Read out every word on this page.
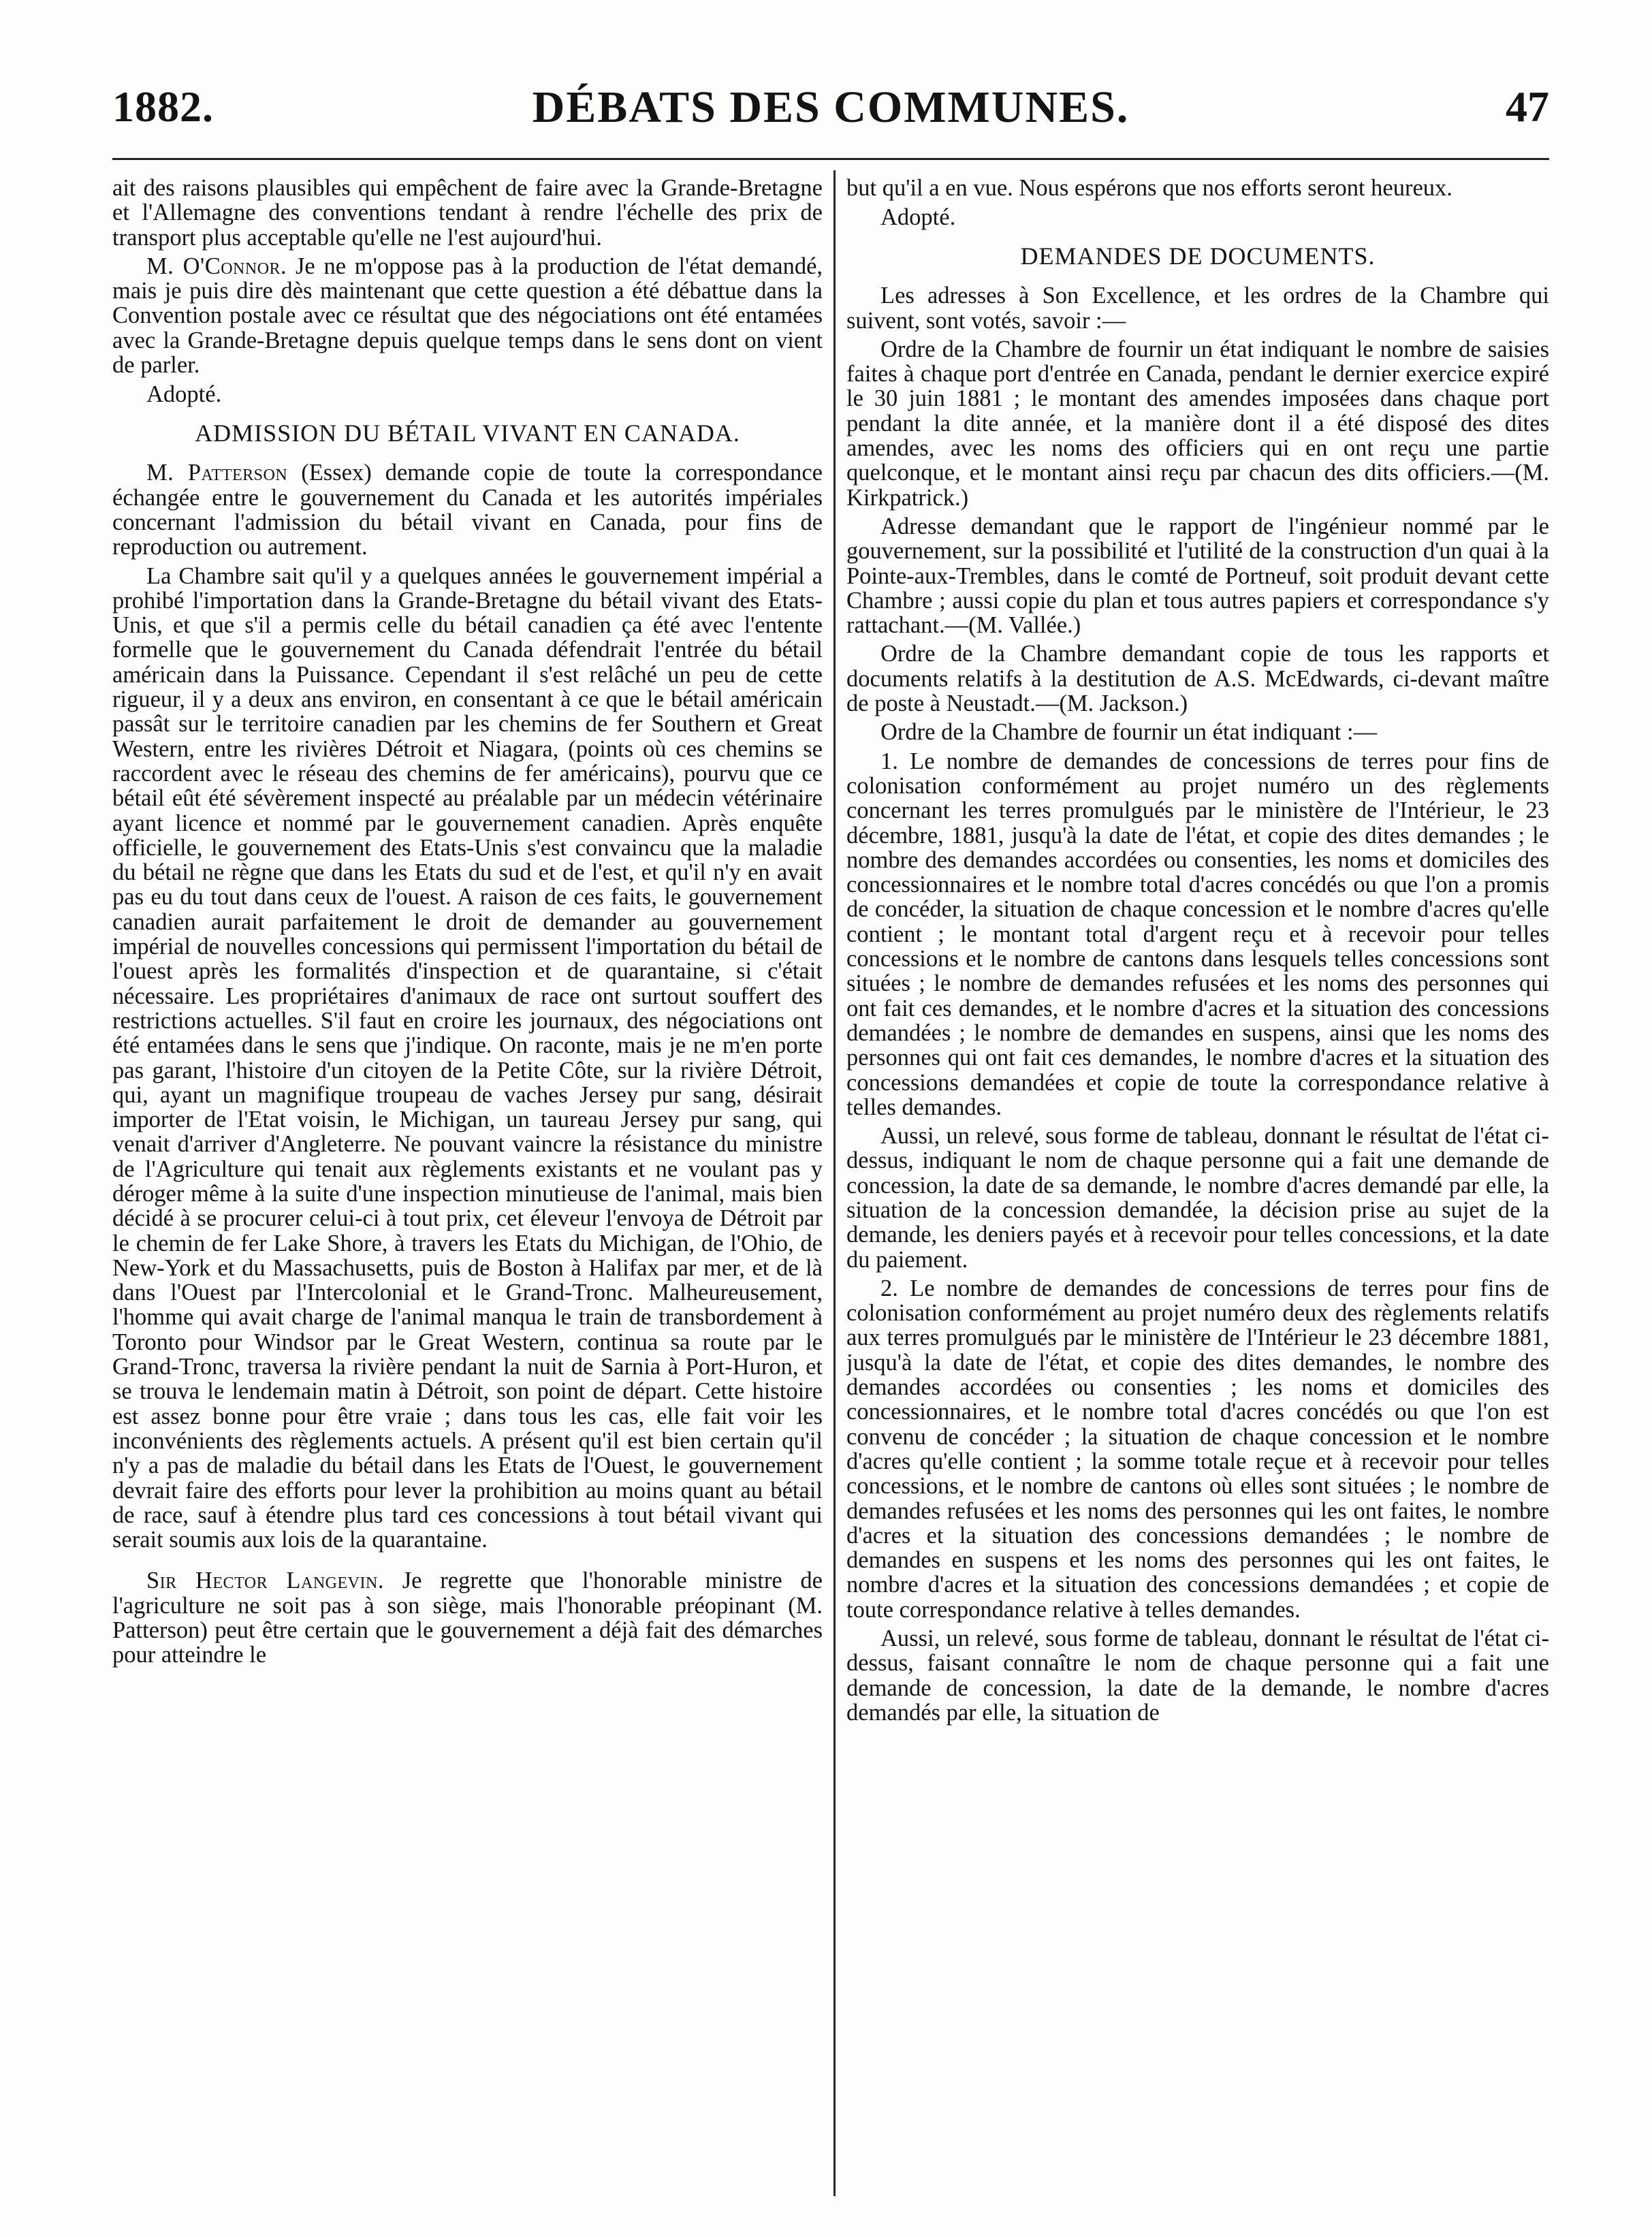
1882.	DÉBATS DES COMMUNES.	47

ait des raisons plausibles qui empêchent de faire avec la Grande-Bretagne et l'Allemagne des conventions tendant à rendre l'échelle des prix de transport plus acceptable qu'elle ne l'est aujourd'hui.

M. O'Connor. Je ne m'oppose pas à la production de l'état demandé, mais je puis dire dès maintenant que cette question a été débattue dans la Convention postale avec ce résultat que des négociations ont été entamées avec la Grande-Bretagne depuis quelque temps dans le sens dont on vient de parler.

Adopté.
ADMISSION DU BÉTAIL VIVANT EN CANADA.

M. Patterson (Essex) demande copie de toute la correspondance échangée entre le gouvernement du Canada et les autorités impériales concernant l'admission du bétail vivant en Canada, pour fins de reproduction ou autrement.

La Chambre sait qu'il y a quelques années le gouvernement impérial a prohibé l'importation dans la Grande-Bretagne du bétail vivant des Etats-Unis, et que s'il a permis celle du bétail canadien ça été avec l'entente formelle que le gouvernement du Canada défendrait l'entrée du bétail américain dans la Puissance. Cependant il s'est relâché un peu de cette rigueur, il y a deux ans environ, en consentant à ce que le bétail américain passât sur le territoire canadien par les chemins de fer Southern et Great Western, entre les rivières Détroit et Niagara, (points où ces chemins se raccordent avec le réseau des chemins de fer américains), pourvu que ce bétail eût été sévèrement inspecté au préalable par un médecin vétérinaire ayant licence et nommé par le gouvernement canadien. Après enquête officielle, le gouvernement des Etats-Unis s'est convaincu que la maladie du bétail ne règne que dans les Etats du sud et de l'est, et qu'il n'y en avait pas eu du tout dans ceux de l'ouest. A raison de ces faits, le gouvernement canadien aurait parfaitement le droit de demander au gouvernement impérial de nouvelles concessions qui permissent l'importation du bétail de l'ouest après les formalités d'inspection et de quarantaine, si c'était nécessaire. Les propriétaires d'animaux de race ont surtout souffert des restrictions actuelles. S'il faut en croire les journaux, des négociations ont été entamées dans le sens que j'indique. On raconte, mais je ne m'en porte pas garant, l'histoire d'un citoyen de la Petite Côte, sur la rivière Détroit, qui, ayant un magnifique troupeau de vaches Jersey pur sang, désirait importer de l'Etat voisin, le Michigan, un taureau Jersey pur sang, qui venait d'arriver d'Angleterre. Ne pouvant vaincre la résistance du ministre de l'Agriculture qui tenait aux règlements existants et ne voulant pas y déroger même à la suite d'une inspection minutieuse de l'animal, mais bien décidé à se procurer celui-ci à tout prix, cet éleveur l'envoya de Détroit par le chemin de fer Lake Shore, à travers les Etats du Michigan, de l'Ohio, de New-York et du Massachusetts, puis de Boston à Halifax par mer, et de là dans l'Ouest par l'Intercolonial et le Grand-Tronc. Malheureusement, l'homme qui avait charge de l'animal manqua le train de transbordement à Toronto pour Windsor par le Great Western, continua sa route par le Grand-Tronc, traversa la rivière pendant la nuit de Sarnia à Port-Huron, et se trouva le lendemain matin à Détroit, son point de départ. Cette histoire est assez bonne pour être vraie ; dans tous les cas, elle fait voir les inconvénients des règlements actuels. A présent qu'il est bien certain qu'il n'y a pas de maladie du bétail dans les Etats de l'Ouest, le gouvernement devrait faire des efforts pour lever la prohibition au moins quant au bétail de race, sauf à étendre plus tard ces concessions à tout bétail vivant qui serait soumis aux lois de la quarantaine.

Sir Hector Langevin. Je regrette que l'honorable ministre de l'agriculture ne soit pas à son siège, mais l'honorable préopinant (M. Patterson) peut être certain que le gouvernement a déjà fait des démarches pour atteindre le

but qu'il a en vue. Nous espérons que nos efforts seront heureux.

Adopté.
DEMANDES DE DOCUMENTS.

Les adresses à Son Excellence, et les ordres de la Chambre qui suivent, sont votés, savoir :—

Ordre de la Chambre de fournir un état indiquant le nombre de saisies faites à chaque port d'entrée en Canada, pendant le dernier exercice expiré le 30 juin 1881 ; le montant des amendes imposées dans chaque port pendant la dite année, et la manière dont il a été disposé des dites amendes, avec les noms des officiers qui en ont reçu une partie quelconque, et le montant ainsi reçu par chacun des dits officiers.—(M. Kirkpatrick.)

Adresse demandant que le rapport de l'ingénieur nommé par le gouvernement, sur la possibilité et l'utilité de la construction d'un quai à la Pointe-aux-Trembles, dans le comté de Portneuf, soit produit devant cette Chambre ; aussi copie du plan et tous autres papiers et correspondance s'y rattachant.—(M. Vallée.)

Ordre de la Chambre demandant copie de tous les rapports et documents relatifs à la destitution de A.S. McEdwards, ci-devant maître de poste à Neustadt.—(M. Jackson.)

Ordre de la Chambre de fournir un état indiquant :—

1. Le nombre de demandes de concessions de terres pour fins de colonisation conformément au projet numéro un des règlements concernant les terres promulgués par le ministère de l'Intérieur, le 23 décembre, 1881, jusqu'à la date de l'état, et copie des dites demandes ; le nombre des demandes accordées ou consenties, les noms et domiciles des concessionnaires et le nombre total d'acres concédés ou que l'on a promis de concéder, la situation de chaque concession et le nombre d'acres qu'elle contient ; le montant total d'argent reçu et à recevoir pour telles concessions et le nombre de cantons dans lesquels telles concessions sont situées ; le nombre de demandes refusées et les noms des personnes qui ont fait ces demandes, et le nombre d'acres et la situation des concessions demandées ; le nombre de demandes en suspens, ainsi que les noms des personnes qui ont fait ces demandes, le nombre d'acres et la situation des concessions demandées et copie de toute la correspondance relative à telles demandes.

Aussi, un relevé, sous forme de tableau, donnant le résultat de l'état ci-dessus, indiquant le nom de chaque personne qui a fait une demande de concession, la date de sa demande, le nombre d'acres demandé par elle, la situation de la concession demandée, la décision prise au sujet de la demande, les deniers payés et à recevoir pour telles concessions, et la date du paiement.

2. Le nombre de demandes de concessions de terres pour fins de colonisation conformément au projet numéro deux des règlements relatifs aux terres promulgués par le ministère de l'Intérieur le 23 décembre 1881, jusqu'à la date de l'état, et copie des dites demandes, le nombre des demandes accordées ou consenties ; les noms et domiciles des concessionnaires, et le nombre total d'acres concédés ou que l'on est convenu de concéder ; la situation de chaque concession et le nombre d'acres qu'elle contient ; la somme totale reçue et à recevoir pour telles concessions, et le nombre de cantons où elles sont situées ; le nombre de demandes refusées et les noms des personnes qui les ont faites, le nombre d'acres et la situation des concessions demandées ; le nombre de demandes en suspens et les noms des personnes qui les ont faites, le nombre d'acres et la situation des concessions demandées ; et copie de toute correspondance relative à telles demandes.

Aussi, un relevé, sous forme de tableau, donnant le résultat de l'état ci-dessus, faisant connaître le nom de chaque personne qui a fait une demande de concession, la date de la demande, le nombre d'acres demandés par elle, la situation de
